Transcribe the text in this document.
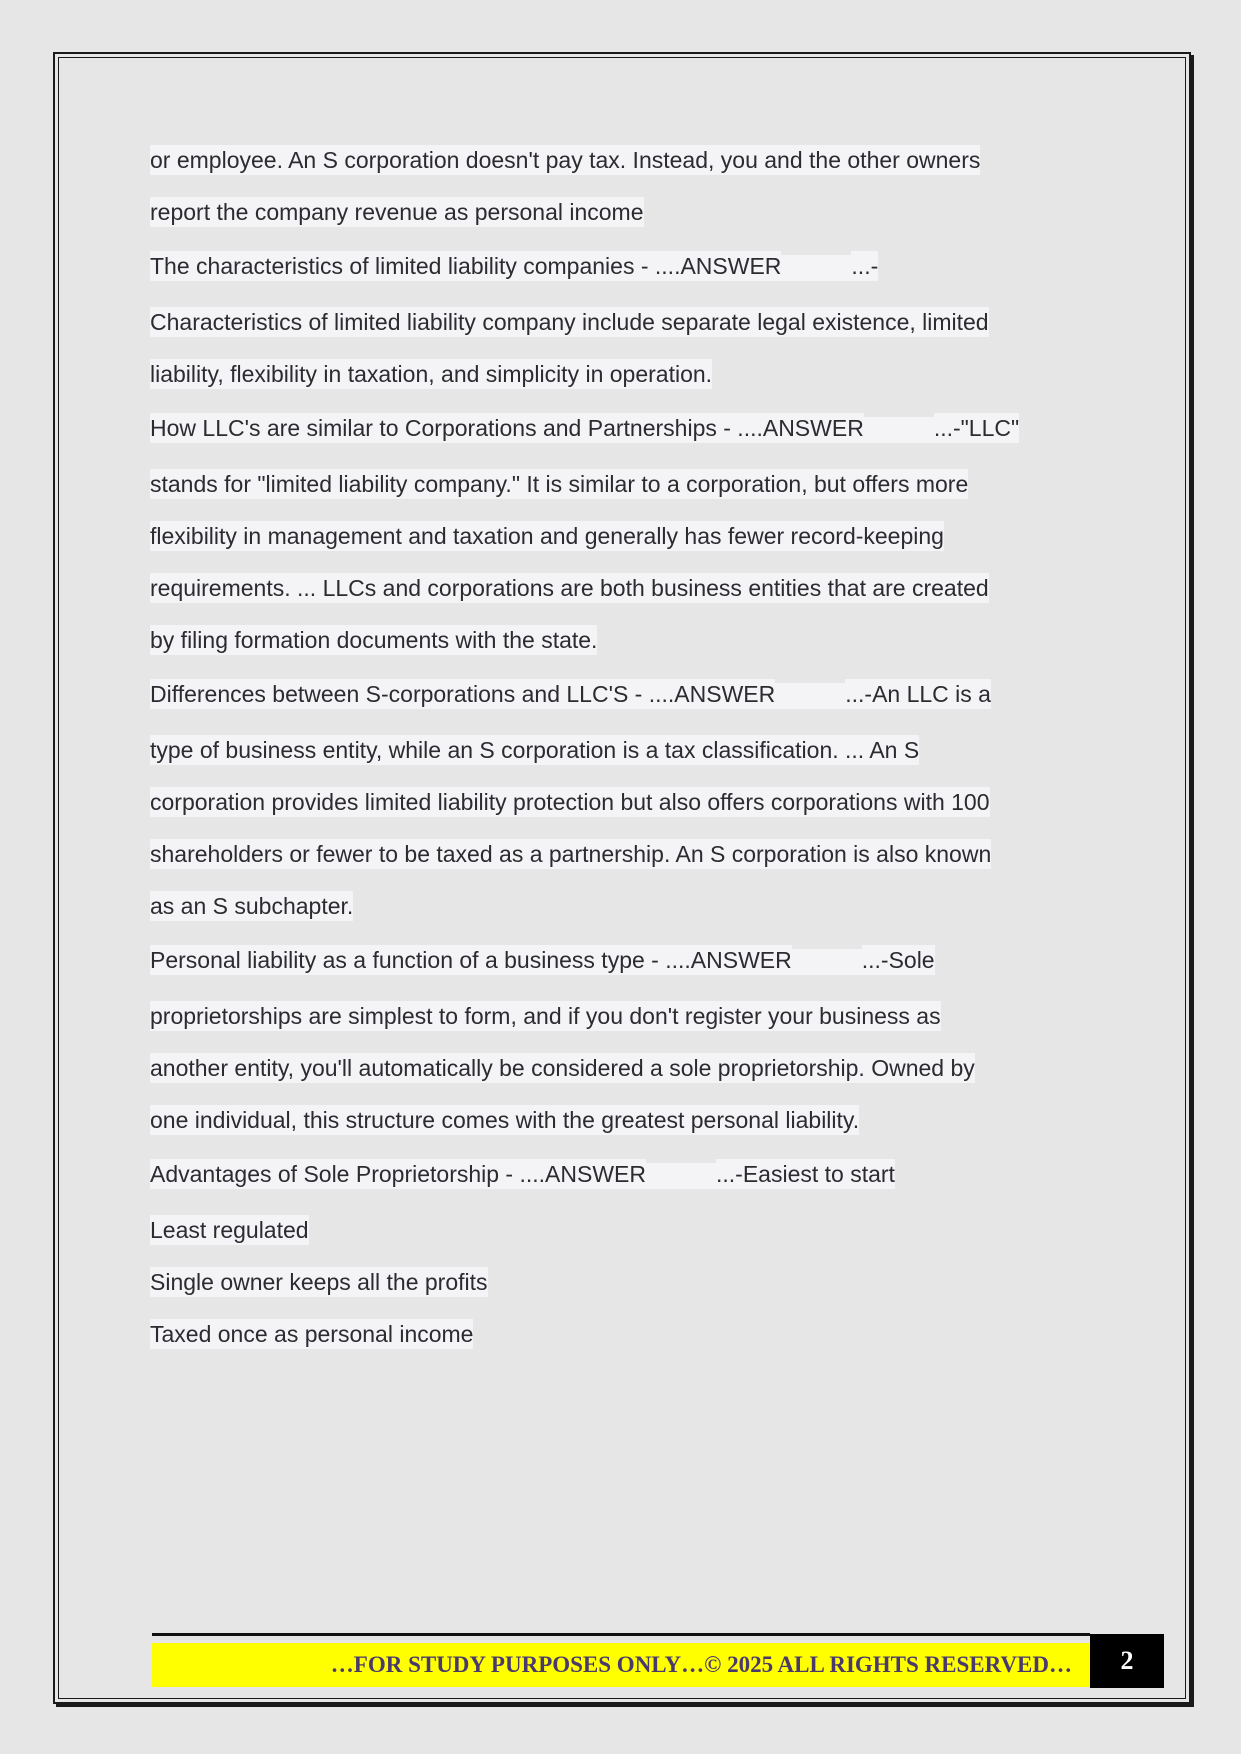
or employee. An S corporation doesn't pay tax. Instead, you and the other owners
report the company revenue as personal income
The characteristics of limited liability companies - ....ANSWER	...-
Characteristics of limited liability company include separate legal existence, limited
liability, flexibility in taxation, and simplicity in operation.
How LLC's are similar to Corporations and Partnerships - ....ANSWER	...-"LLC"
stands for "limited liability company." It is similar to a corporation, but offers more
flexibility in management and taxation and generally has fewer record-keeping
requirements. ... LLCs and corporations are both business entities that are created
by filing formation documents with the state.
Differences between S-corporations and LLC'S - ....ANSWER	...-An LLC is a
type of business entity, while an S corporation is a tax classification. ... An S
corporation provides limited liability protection but also offers corporations with 100
shareholders or fewer to be taxed as a partnership. An S corporation is also known
as an S subchapter.
Personal liability as a function of a business type - ....ANSWER	...-Sole
proprietorships are simplest to form, and if you don't register your business as
another entity, you'll automatically be considered a sole proprietorship. Owned by
one individual, this structure comes with the greatest personal liability.
Advantages of Sole Proprietorship - ....ANSWER	...-Easiest to start
Least regulated
Single owner keeps all the profits
Taxed once as personal income
…FOR STUDY PURPOSES ONLY…© 2025 ALL RIGHTS RESERVED…	2
